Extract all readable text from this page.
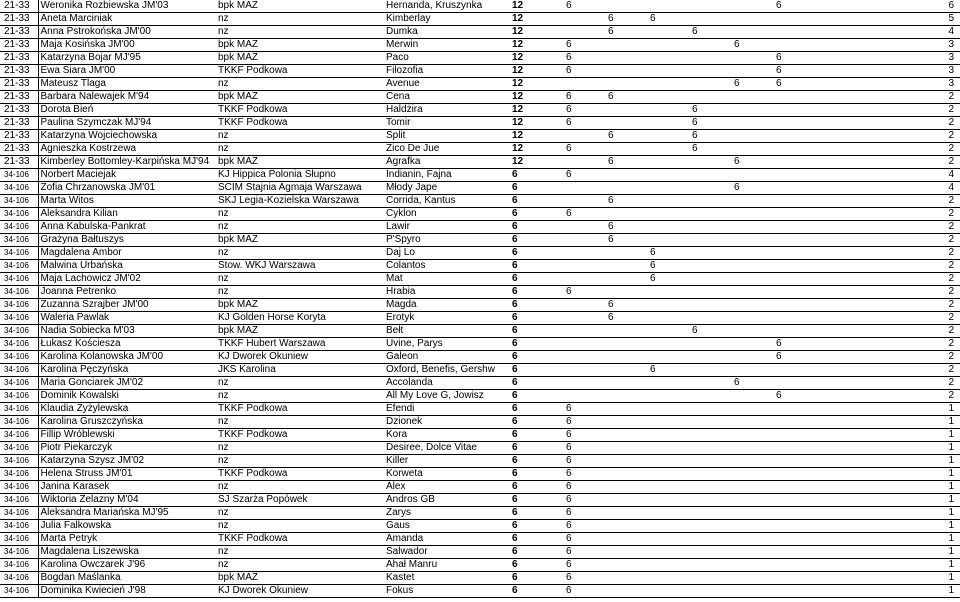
21-33	Weronika Rozbiewska JM'03	bpk MAZ	Hernanda, Kruszynka	12	6					6	6
21-33	Aneta Marciniak	nz	Kimberlay	12		6	6				5
21-33	Anna Pstrokońska JM'00	nz	Dumka	12		6		6			4
21-33	Maja Kosińska JM'00	bpk MAZ	Merwin	12	6				6		3
21-33	Katarzyna Bojar MJ'95	bpk MAZ	Paco	12	6					6	3
21-33	Ewa Siara JM'00	TKKF Podkowa	Filozofia	12	6					6	3
21-33	Mateusz Tlaga	nz	Avenue	12					6	6	3
21-33	Barbara Nalewajek M'94	bpk MAZ	Cena	12	6	6					2
21-33	Dorota Bień	TKKF Podkowa	Haldżira	12	6			6			2
21-33	Paulina Szymczak MJ'94	TKKF Podkowa	Tomir	12	6			6			2
21-33	Katarzyna Wojciechowska	nz	Split	12		6		6			2
21-33	Agnieszka Kostrzewa	nz	Zico De Jue	12	6			6			2
21-33	Kimberley Bottomley-Karpińska MJ'94	bpk MAZ	Agrafka	12		6			6		2
34-106	Norbert Maciejak	KJ Hippica Polonia Słupno	Indianin, Fajna	6	6						4
34-106	Zofia Chrzanowska JM'01	SCIM Stajnia Agmaja Warszawa	Młody Jape	6					6		4
34-106	Marta Witos	SKJ Legia-Kozielska Warszawa	Corrida, Kantus	6		6					2
34-106	Aleksandra Kilian	nz	Cyklon	6	6						2
34-106	Anna Kabulska-Pankrat	nz	Lawir	6		6					2
34-106	Grażyna Bałtuszys	bpk MAZ	P'Spyro	6		6					2
34-106	Magdalena Ambor	nz	Daj Lo	6			6				2
34-106	Malwina Urbańska	Stow. WKJ Warszawa	Colantos	6			6				2
34-106	Maja Lachowicz JM'02	nz	Mat	6			6				2
34-106	Joanna Petrenko	nz	Hrabia	6	6						2
34-106	Zuzanna Szrajber JM'00	bpk MAZ	Magda	6		6					2
34-106	Waleria Pawlak	KJ Golden Horse Koryta	Erotyk	6		6					2
34-106	Nadia Sobiecka M'03	bpk MAZ	Bełt	6				6			2
34-106	Łukasz Kościesza	TKKF Hubert Warszawa	Uvine, Parys	6						6	2
34-106	Karolina Kolanowska JM'00	KJ Dworek Okuniew	Galeon	6						6	2
34-106	Karolina Pęczyńska	JKS Karolina	Oxford, Benefis, Gershw	6			6				2
34-106	Maria Gonciarek JM'02	nz	Accolanda	6					6		2
34-106	Dominik Kowalski	nz	All My Love G, Jowisz	6						6	2
34-106	Klaudia Żyżylewska	TKKF Podkowa	Efendi	6	6						1
34-106	Karolina Gruszczyńska	nz	Dzionek	6	6						1
34-106	Fillip Wróblewski	TKKF Podkowa	Kora	6	6						1
34-106	Piotr Piekarczyk	nz	Desiree, Dolce Vitae	6	6						1
34-106	Katarzyna Szysz JM'02	nz	Killer	6	6						1
34-106	Helena Struss JM'01	TKKF Podkowa	Korweta	6	6						1
34-106	Janina Karasek	nz	Alex	6	6						1
34-106	Wiktoria Żelazny M'04	SJ Szarża Popówek	Andros GB	6	6						1
34-106	Aleksandra Mariańska MJ'95	nz	Zarys	6	6						1
34-106	Julia Falkowska	nz	Gaus	6	6						1
34-106	Marta Petryk	TKKF Podkowa	Amanda	6	6						1
34-106	Magdalena Liszewska	nz	Salwador	6	6						1
34-106	Karolina Owczarek J'96	nz	Ahał Manru	6	6						1
34-106	Bogdan Maślanka	bpk MAZ	Kastet	6	6						1
34-106	Dominika Kwiecień J'98	KJ Dworek Okuniew	Fokus	6	6						1
